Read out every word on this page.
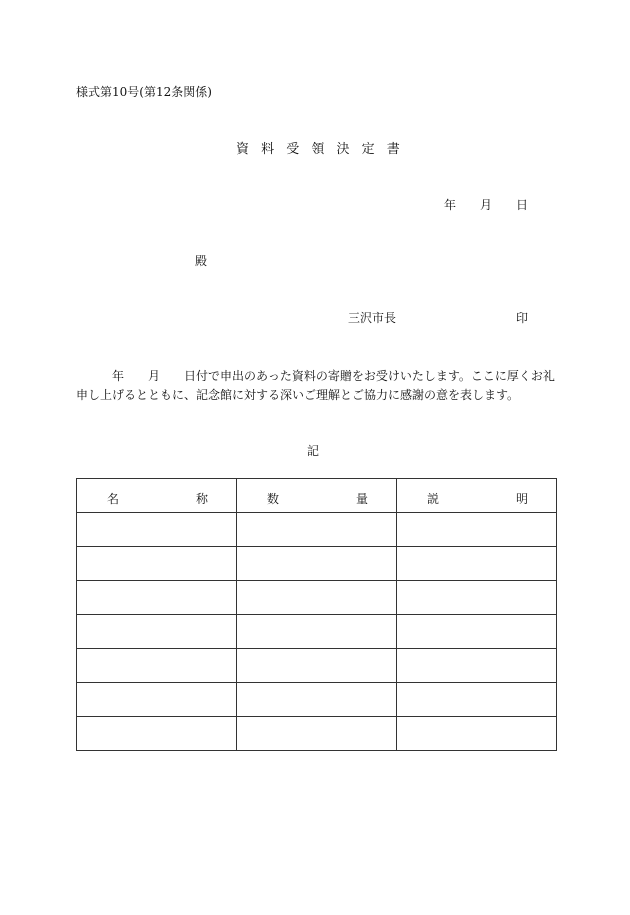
様式第10号(第12条関係)
資 料 受 領 決 定 書
年　　月　　日
殿
三沢市長	印
　　　年　　月　　日付で申出のあった資料の寄贈をお受けいたします。ここに厚くお礼申し上げるとともに、記念館に対する深いご理解とご協力に感謝の意を表します。
記
名 称	数 量	説 明
